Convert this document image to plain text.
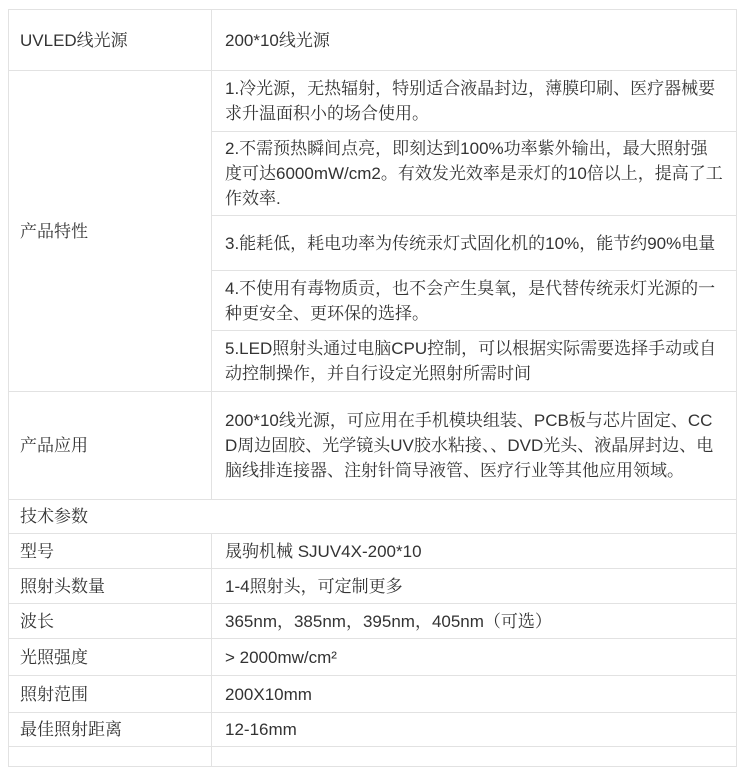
UVLED线光源	200*10线光源
产品特性	1.冷光源，无热辐射，特别适合液晶封边，薄膜印刷、医疗器械要求升温面积小的场合使用。
	2.不需预热瞬间点亮，即刻达到100%功率紫外输出，最大照射强度可达6000mW/cm2。有效发光效率是汞灯的10倍以上，提高了工作效率.
	3.能耗低，耗电功率为传统汞灯式固化机的10%，能节约90%电量
	4.不使用有毒物质贡，也不会产生臭氧，是代替传统汞灯光源的一种更安全、更环保的选择。
	5.LED照射头通过电脑CPU控制，可以根据实际需要选择手动或自动控制操作，并自行设定光照射所需时间
产品应用	200*10线光源，可应用在手机模块组装、PCB板与芯片固定、CCD周边固胶、光学镜头UV胶水粘接、、DVD光头、液晶屏封边、电脑线排连接器、注射针筒导液管、医疗行业等其他应用领域。
技术参数	
型号	晟驹机械 SJUV4X-200*10
照射头数量	1-4照射头，可定制更多
波长	365nm，385nm，395nm，405nm（可选）
光照强度	> 2000mw/cm²
照射范围	200X10mm
最佳照射距离	12-16mm
